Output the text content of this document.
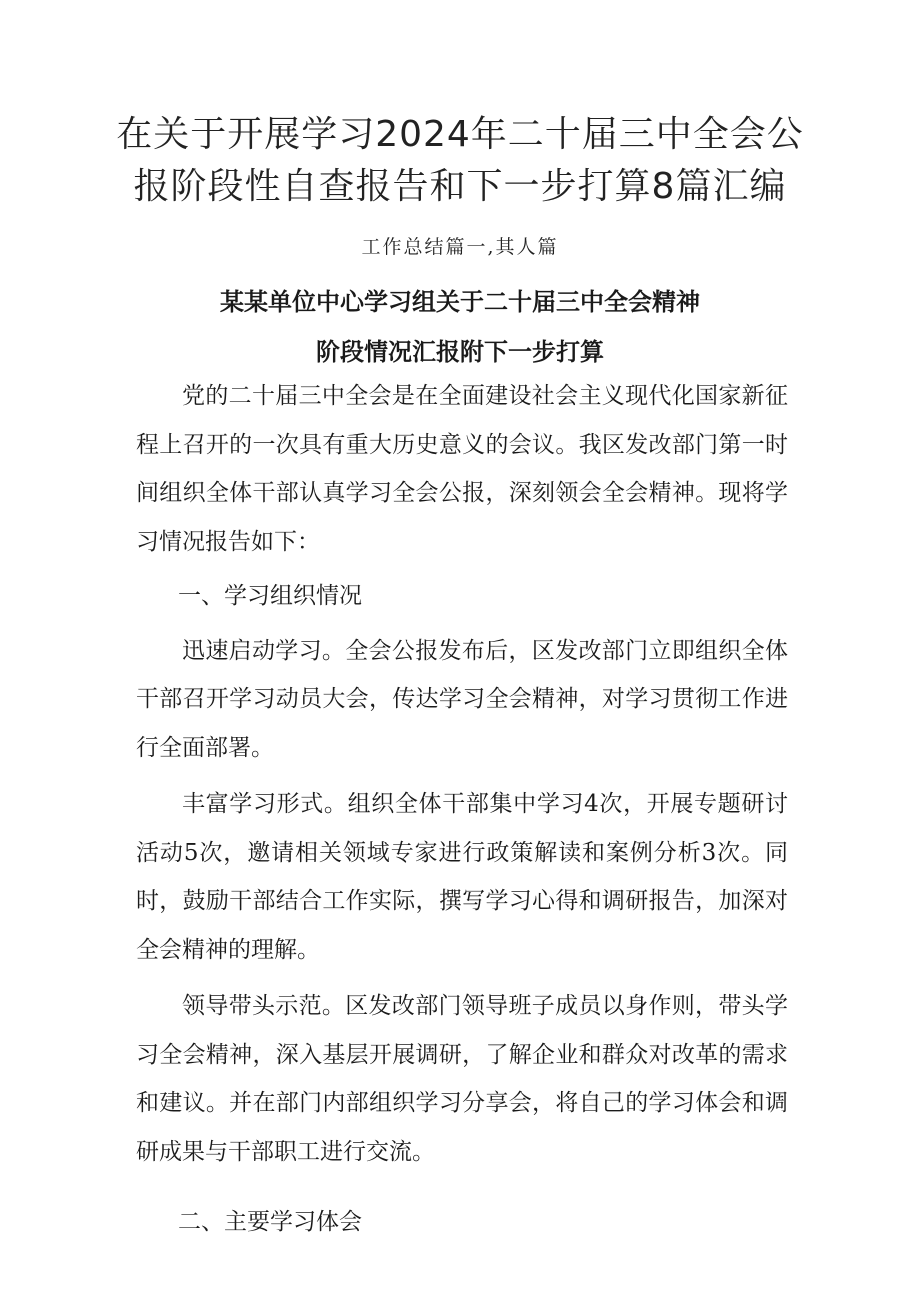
在关于开展学习2024年二十届三中全会公
报阶段性自查报告和下一步打算8篇汇编
工作总结篇一,其人篇
某某单位中心学习组关于二十届三中全会精神
阶段情况汇报附下一步打算

党的二十届三中全会是在全面建设社会主义现代化国家新征程上召开的一次具有重大历史意义的会议。我区发改部门第一时间组织全体干部认真学习全会公报，深刻领会全会精神。现将学习情况报告如下：

一、学习组织情况

迅速启动学习。全会公报发布后，区发改部门立即组织全体干部召开学习动员大会，传达学习全会精神，对学习贯彻工作进行全面部署。

丰富学习形式。组织全体干部集中学习4次，开展专题研讨活动5次，邀请相关领域专家进行政策解读和案例分析3次。同时，鼓励干部结合工作实际，撰写学习心得和调研报告，加深对全会精神的理解。

领导带头示范。区发改部门领导班子成员以身作则，带头学习全会精神，深入基层开展调研，了解企业和群众对改革的需求和建议。并在部门内部组织学习分享会，将自己的学习体会和调研成果与干部职工进行交流。

二、主要学习体会
